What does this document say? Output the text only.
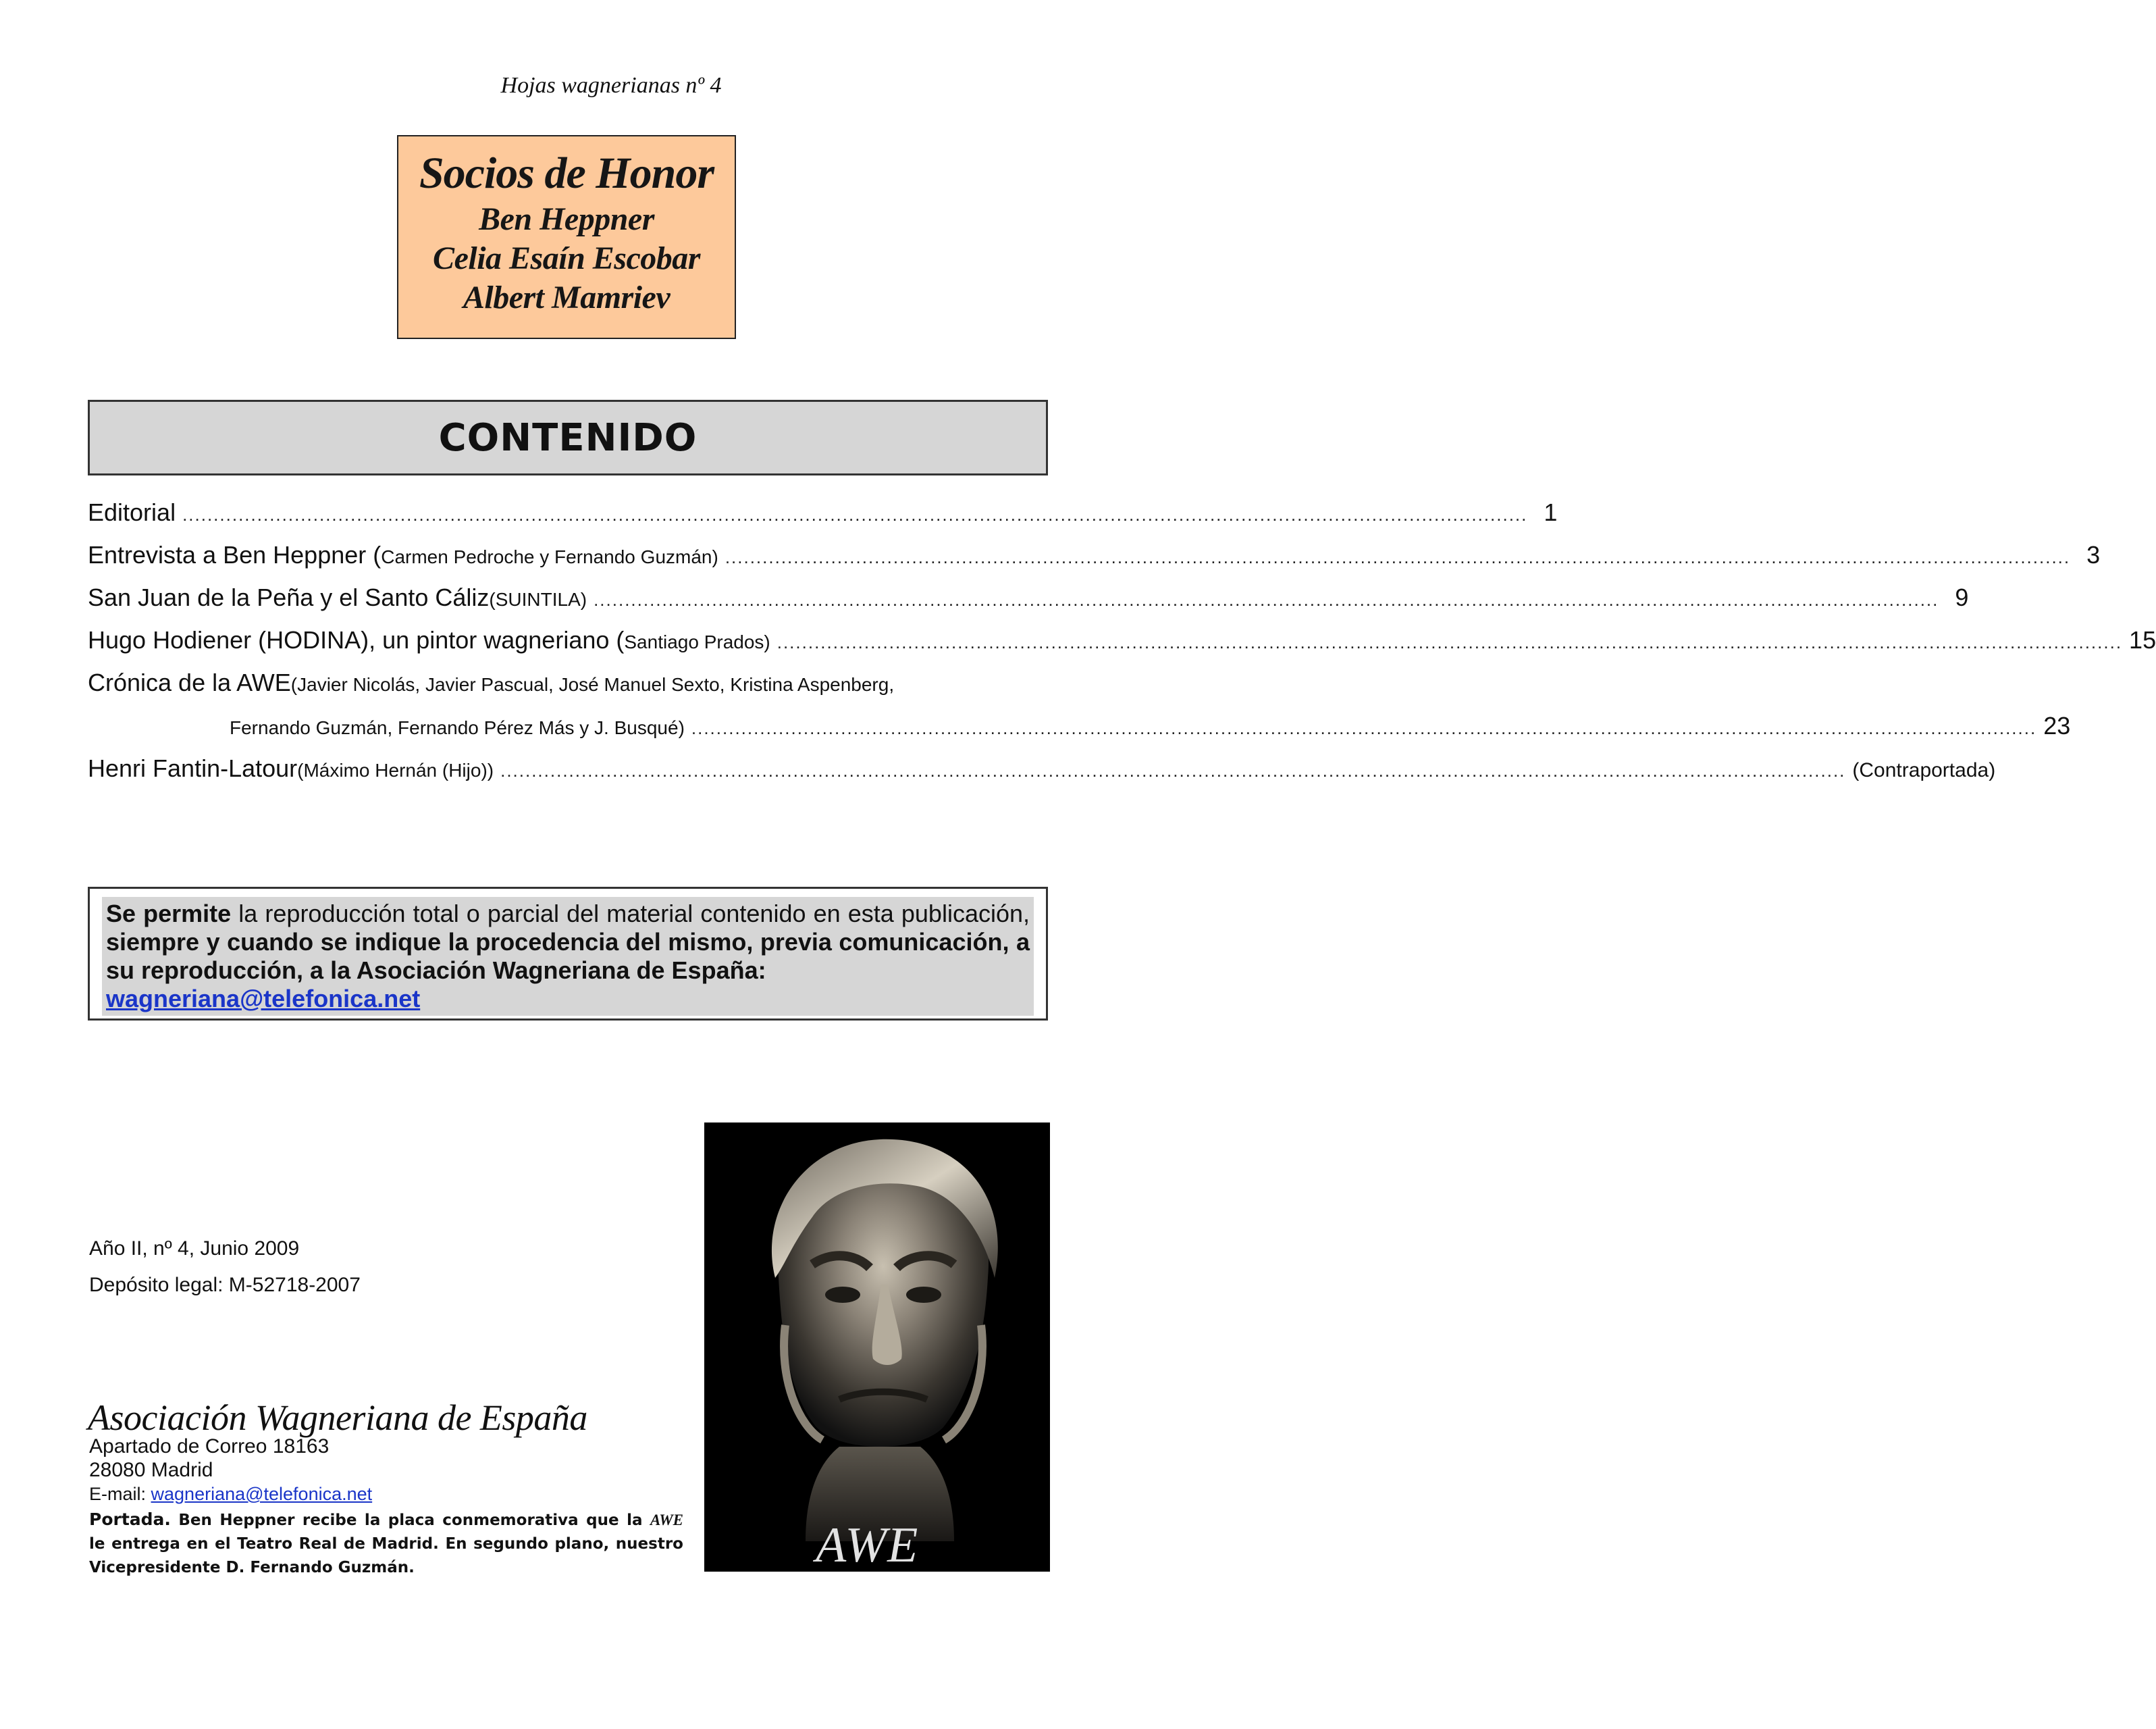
Hojas wagnerianas nº 4
Socios de Honor
Ben Heppner
Celia Esaín Escobar
Albert Mamriev
CONTENIDO
Editorial ........................................................................................................................................................................................................................ 1
Entrevista a Ben Heppner ( Carmen Pedroche y Fernando Guzmán) ........................................................................................................................................................................................................................ 3
San Juan de la Peña y el Santo Cáliz (SUINTILA) ........................................................................................................................................................................................................................ 9
Hugo Hodiener (HODINA), un pintor wagneriano ( Santiago Prados) ........................................................................................................................................................................................................................ 15
Crónica de la AWE (Javier Nicolás, Javier Pascual, José Manuel Sexto, Kristina Aspenberg,
Fernando Guzmán, Fernando Pérez Más y J. Busqué) ........................................................................................................................................................................................................................ 23
Henri Fantin-Latour (Máximo Hernán (Hijo)) ........................................................................................................................................................................................................................ (Contraportada)
Se permite la reproducción total o parcial del material contenido en esta publicación, siempre y cuando se indique la procedencia del mismo, previa comunicación, a su reproducción, a la Asociación Wagneriana de España:
wagneriana@telefonica.net
Año II, nº 4, Junio 2009
Depósito legal: M-52718-2007
Asociación Wagneriana de España
Apartado de Correo 18163
28080 Madrid
E-mail: wagneriana@telefonica.net
Portada. Ben Heppner recibe la placa conmemorativa que la AWE le entrega en el Teatro Real de Madrid. En segundo plano, nuestro Vicepresidente D. Fernando Guzmán.	AWE
